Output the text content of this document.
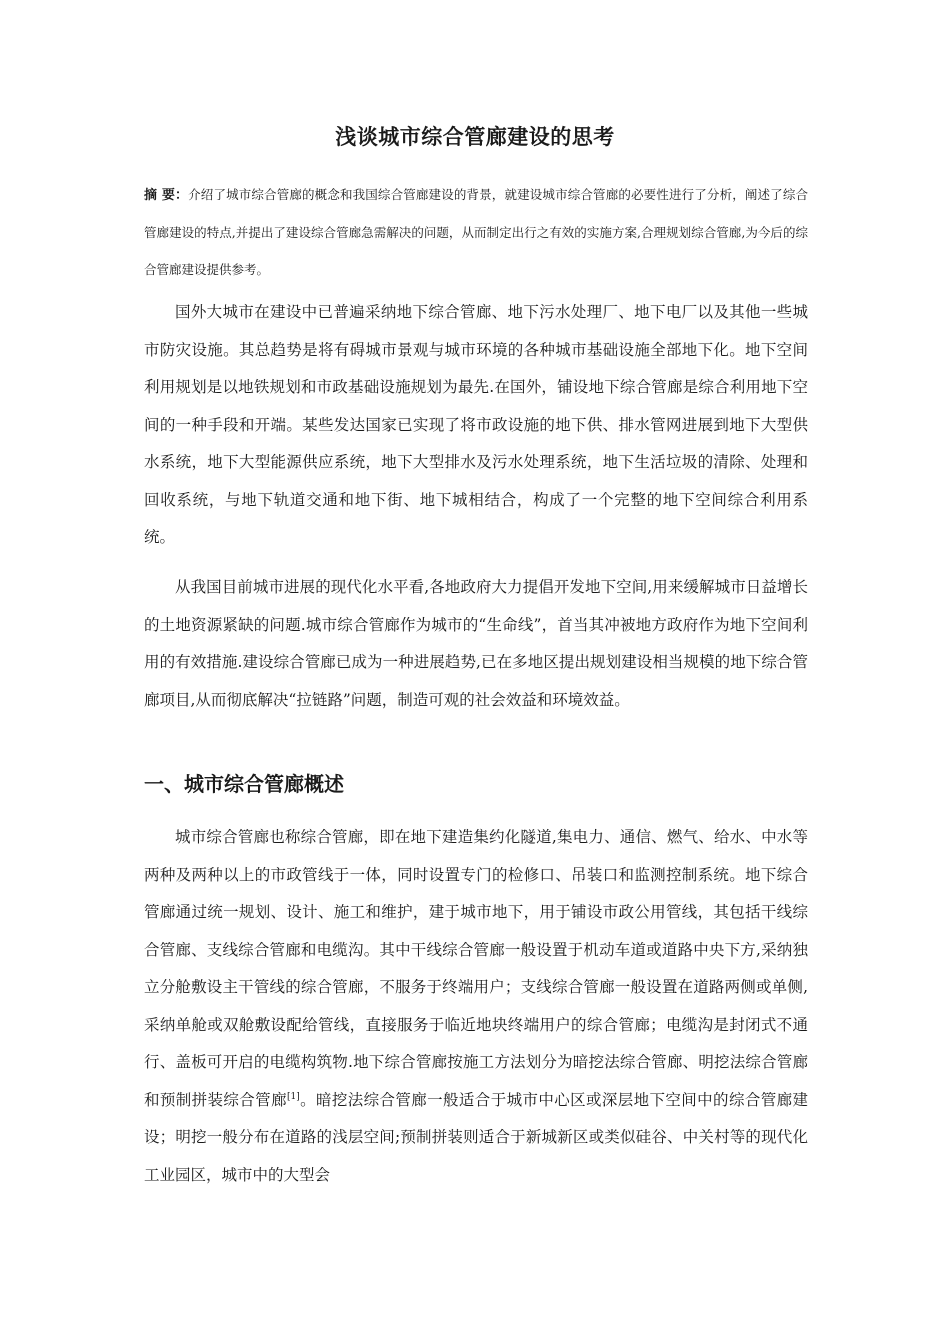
浅谈城市综合管廊建设的思考

摘 要：介绍了城市综合管廊的概念和我国综合管廊建设的背景，就建设城市综合管廊的必要性进行了分析，阐述了综合管廊建设的特点,并提出了建设综合管廊急需解决的问题，从而制定出行之有效的实施方案,合理规划综合管廊,为今后的综合管廊建设提供参考。

国外大城市在建设中已普遍采纳地下综合管廊、地下污水处理厂、地下电厂以及其他一些城市防灾设施。其总趋势是将有碍城市景观与城市环境的各种城市基础设施全部地下化。地下空间利用规划是以地铁规划和市政基础设施规划为最先.在国外，铺设地下综合管廊是综合利用地下空间的一种手段和开端。某些发达国家已实现了将市政设施的地下供、排水管网进展到地下大型供水系统，地下大型能源供应系统，地下大型排水及污水处理系统，地下生活垃圾的清除、处理和回收系统，与地下轨道交通和地下街、地下城相结合，构成了一个完整的地下空间综合利用系统。

从我国目前城市进展的现代化水平看,各地政府大力提倡开发地下空间,用来缓解城市日益增长的土地资源紧缺的问题.城市综合管廊作为城市的“生命线”，首当其冲被地方政府作为地下空间利用的有效措施.建设综合管廊已成为一种进展趋势,已在多地区提出规划建设相当规模的地下综合管廊项目,从而彻底解决“拉链路”问题，制造可观的社会效益和环境效益。

一、城市综合管廊概述

城市综合管廊也称综合管廊，即在地下建造集约化隧道,集电力、通信、燃气、给水、中水等两种及两种以上的市政管线于一体，同时设置专门的检修口、吊装口和监测控制系统。地下综合管廊通过统一规划、设计、施工和维护，建于城市地下，用于铺设市政公用管线，其包括干线综合管廊、支线综合管廊和电缆沟。其中干线综合管廊一般设置于机动车道或道路中央下方,采纳独立分舱敷设主干管线的综合管廊，不服务于终端用户；支线综合管廊一般设置在道路两侧或单侧,采纳单舱或双舱敷设配给管线，直接服务于临近地块终端用户的综合管廊；电缆沟是封闭式不通行、盖板可开启的电缆构筑物.地下综合管廊按施工方法划分为暗挖法综合管廊、明挖法综合管廊和预制拼装综合管廊[1]。暗挖法综合管廊一般适合于城市中心区或深层地下空间中的综合管廊建设；明挖一般分布在道路的浅层空间;预制拼装则适合于新城新区或类似硅谷、中关村等的现代化工业园区，城市中的大型会
